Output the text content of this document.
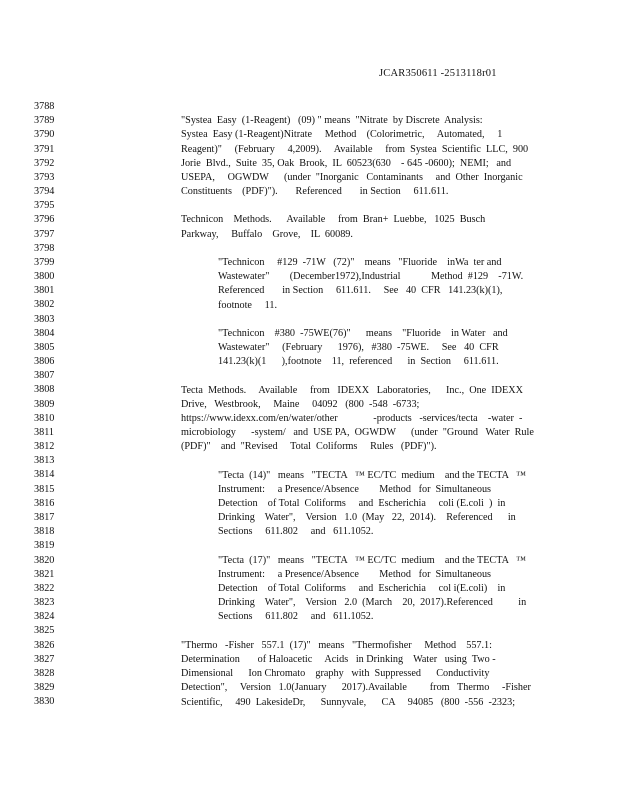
JCAR350611 -2513118r01
3788
3789
3790
3791
3792
3793
3794
3795
3796
3797
3798
3799
3800
3801
3802
3803
3804
3805
3806
3807
3808
3809
3810
3811
3812
3813
3814
3815
3816
3817
3818
3819
3820
3821
3822
3823
3824
3825
3826
3827
3828
3829
3830
"Systea  Easy  (1-Reagent)   (09) " means  "Nitrate  by Discrete  Analysis:
Systea  Easy (1-Reagent)Nitrate     Method    (Colorimetric,     Automated,     1
Reagent)"     (February     4,2009).     Available     from  Systea  Scientific  LLC,  900
Jorie  Blvd.,  Suite  35, Oak  Brook,  IL  60523(630    - 645 -0600);  NEMI;   and
USEPA,     OGWDW      (under  "Inorganic   Contaminants     and  Other  Inorganic
Constituents    (PDF)").       Referenced       in Section     611.611.
Technicon    Methods.      Available     from  Bran+  Luebbe,   1025  Busch
Parkway,     Buffalo    Grove,    IL  60089.
"Technicon     #129  -71W   (72)"    means   "Fluoride    inWa  ter and
Wastewater"        (December1972),Industrial            Method  #129    -71W.
Referenced       in Section     611.611.     See   40  CFR   141.23(k)(1),
footnote     11.
"Technicon    #380  -75WE(76)"      means    "Fluoride    in Water   and
Wastewater"     (February      1976),   #380  -75WE.     See   40  CFR
141.23(k)(1      ),footnote    11,  referenced      in  Section     611.611.
Tecta  Methods.     Available     from   IDEXX   Laboratories,      Inc.,  One  IDEXX
Drive,   Westbrook,     Maine     04092   (800  -548  -6733;
https://www.idexx.com/en/water/other              -products   -services/tecta    -water  -
microbiology      -system/   and  USE PA,  OGWDW      (under  "Ground   Water  Rule
(PDF)"    and  "Revised     Total  Coliforms     Rules   (PDF)").
"Tecta  (14)"   means   "TECTA   ™ EC/TC  medium    and the TECTA   ™
Instrument:     a Presence/Absence        Method   for  Simultaneous
Detection    of Total  Coliforms     and  Escherichia     coli (E.coli  )  in
Drinking    Water",    Version   1.0  (May   22,  2014).    Referenced      in
Sections     611.802     and   611.1052.
"Tecta  (17)"   means   "TECTA   ™ EC/TC  medium    and the TECTA   ™
Instrument:     a Presence/Absence        Method   for  Simultaneous
Detection    of Total  Coliforms     and  Escherichia     col i(E.coli)    in
Drinking    Water",    Version   2.0  (March    20,  2017).Referenced          in
Sections     611.802     and   611.1052.
"Thermo   -Fisher   557.1  (17)"   means   "Thermofisher     Method    557.1:
Determination       of Haloacetic     Acids   in Drinking    Water   using  Two -
Dimensional      Ion Chromato    graphy   with  Suppressed      Conductivity
Detection",     Version   1.0(January      2017).Available         from   Thermo     -Fisher
Scientific,     490  LakesideDr,      Sunnyvale,      CA     94085   (800  -556  -2323;
